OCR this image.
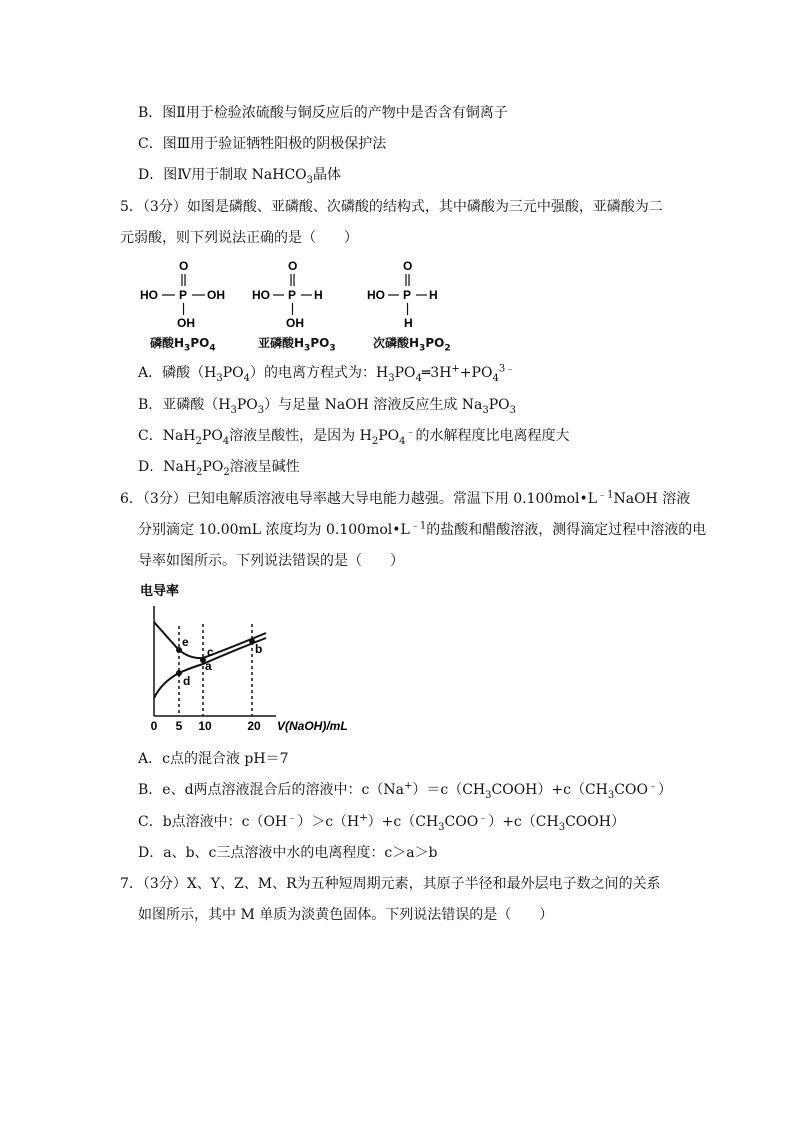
B．图Ⅱ用于检验浓硫酸与铜反应后的产物中是否含有铜离子
C．图Ⅲ用于验证牺牲阳极的阴极保护法
D．图Ⅳ用于制取 NaHCO$_3$晶体
5．（3分）如图是磷酸、亚磷酸、次磷酸的结构式，其中磷酸为三元中强酸，亚磷酸为二
元弱酸，则下列说法正确的是（　　）
O
HO P OH
OH
磷酸$H_3PO_4$
O
HO P H
OH
亚磷酸$H_3PO_3$
O
HO P H
H
次磷酸$H_3PO_2$
A．磷酸$(H_3PO_4)$的电离方程式为：$H_3PO_4═3H^++PO_4^{3﹣}$
B．亚磷酸$(H_3PO_3)$与足量 NaOH 溶液反应生成 $Na_3PO_3$
C．$NaH_2PO_4$溶液呈酸性，是因为 $H_2PO_4^﹣$的水解程度比电离程度大
D．$NaH_2PO_2$溶液呈碱性
6．（3分）已知电解质溶液电导率越大导电能力越强。常温下用 $0.100mol•L^{﹣1}NaOH$ 溶液
分别滴定 10.00mL 浓度均为 $0.100mol•L^{﹣1}$的盐酸和醋酸溶液，测得滴定过程中溶液的电
导率如图所示。下列说法错误的是（　　）
电导率
e
d
c
a
b
0 5 10	20 V(NaOH)/mL
A．c点的混合液 pH＝7
B．e、d两点溶液混合后的溶液中：$c(Na^+)=c(CH_3COOH)+c(CH_3COO^﹣)$
C．b点溶液中：$c(OH^﹣)>c(H^+)+c(CH_3COO^﹣)+c(CH_3COOH)$
D．a、b、c三点溶液中水的电离程度：c＞a＞b
7．（3分）X、Y、Z、M、R为五种短周期元素，其原子半径和最外层电子数之间的关系
如图所示，其中 M 单质为淡黄色固体。下列说法错误的是（　　）
